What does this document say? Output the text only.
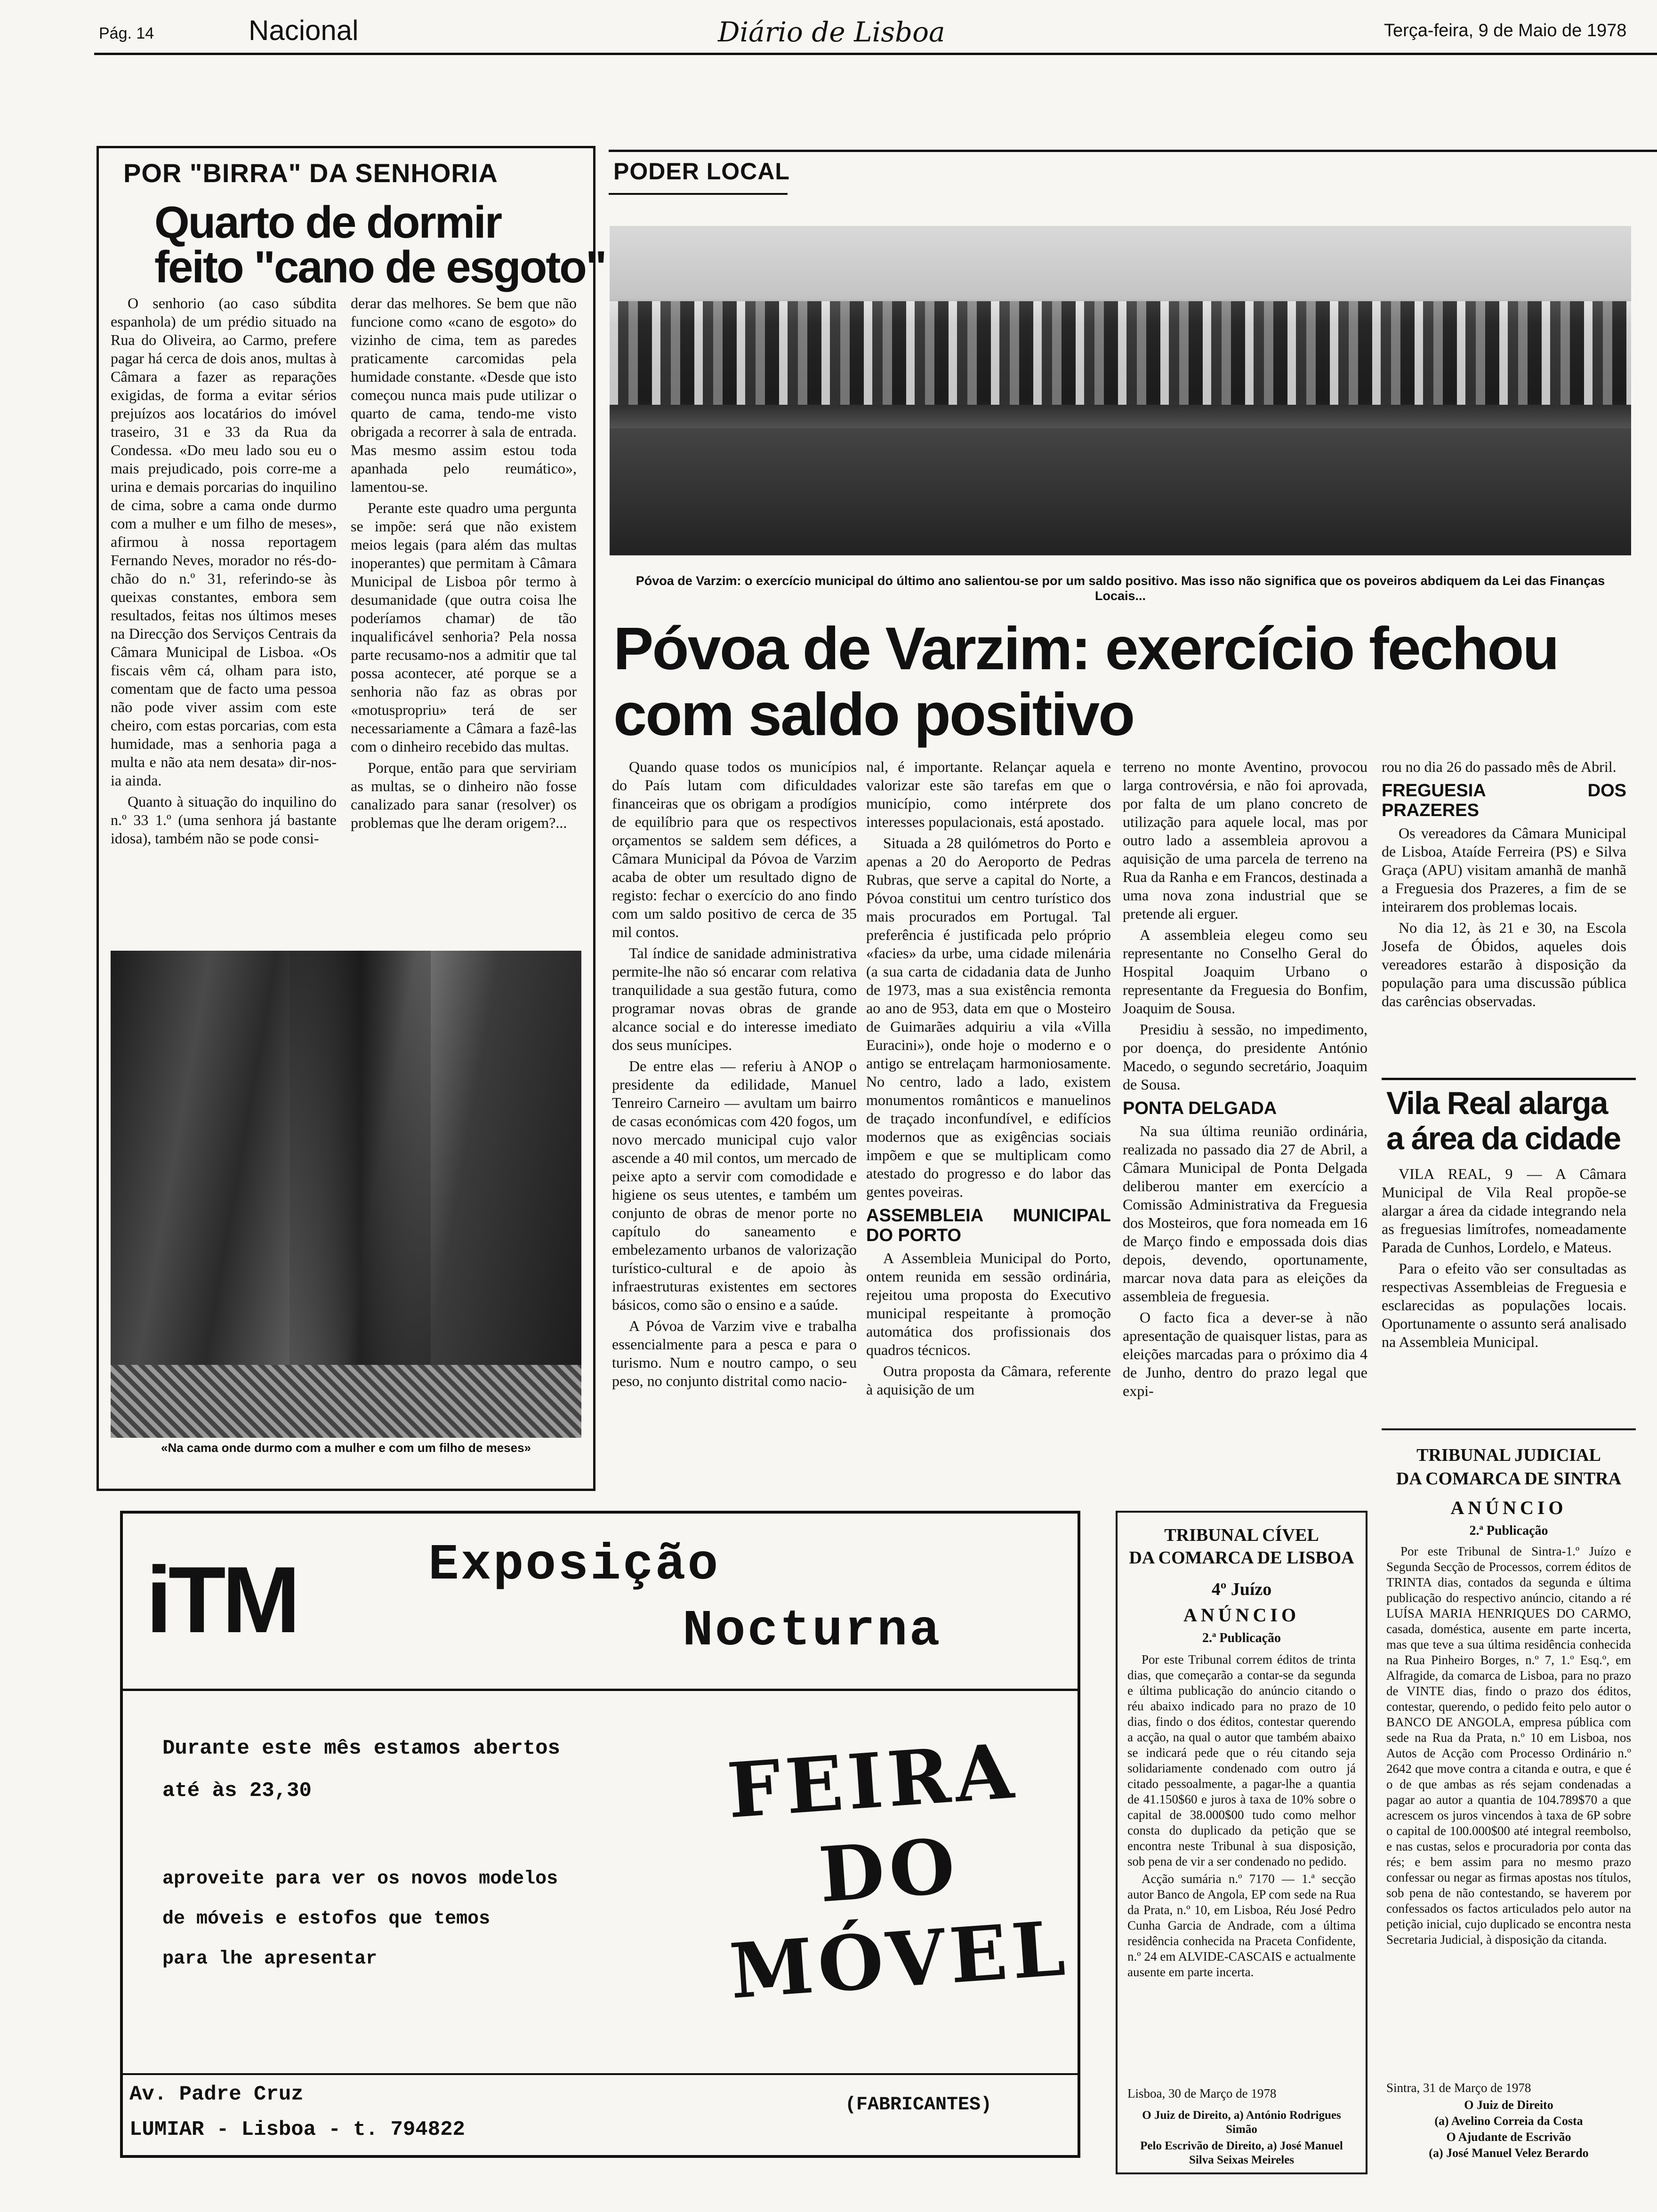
Pág. 14	Nacional	Diário de Lisboa	Terça-feira, 9 de Maio de 1978
POR "BIRRA" DA SENHORIA
Quarto de dormir
feito "cano de esgoto"

O senhorio (ao caso súbdita espanhola) de um prédio situado na Rua do Oliveira, ao Carmo, prefere pagar há cerca de dois anos, multas à Câmara a fazer as reparações exigidas, de forma a evitar sérios prejuízos aos locatários do imóvel traseiro, 31 e 33 da Rua da Condessa. «Do meu lado sou eu o mais prejudicado, pois corre-me a urina e demais porcarias do inquilino de cima, sobre a cama onde durmo com a mulher e um filho de meses», afirmou à nossa reportagem Fernando Neves, morador no rés-do-chão do n.º 31, referindo-se às queixas constantes, embora sem resultados, feitas nos últimos meses na Direcção dos Serviços Centrais da Câmara Municipal de Lisboa. «Os fiscais vêm cá, olham para isto, comentam que de facto uma pessoa não pode viver assim com este cheiro, com estas porcarias, com esta humidade, mas a senhoria paga a multa e não ata nem desata» dir-nos-ia ainda.

Quanto à situação do inquilino do n.º 33 1.º (uma senhora já bastante idosa), também não se pode consi-

derar das melhores. Se bem que não funcione como «cano de esgoto» do vizinho de cima, tem as paredes praticamente carcomidas pela humidade constante. «Desde que isto começou nunca mais pude utilizar o quarto de cama, tendo-me visto obrigada a recorrer à sala de entrada. Mas mesmo assim estou toda apanhada pelo reumático», lamentou-se.

Perante este quadro uma pergunta se impõe: será que não existem meios legais (para além das multas inoperantes) que permitam à Câmara Municipal de Lisboa pôr termo à desumanidade (que outra coisa lhe poderíamos chamar) de tão inqualificável senhoria? Pela nossa parte recusamo-nos a admitir que tal possa acontecer, até porque se a senhoria não faz as obras por «motuspropriu» terá de ser necessariamente a Câmara a fazê-las com o dinheiro recebido das multas.

Porque, então para que serviriam as multas, se o dinheiro não fosse canalizado para sanar (resolver) os problemas que lhe deram origem?...

«Na cama onde durmo com a mulher e com um filho de meses»
PODER LOCAL
Póvoa de Varzim: o exercício municipal do último ano salientou-se por um saldo positivo. Mas isso não significa que os poveiros abdiquem da Lei das Finanças Locais...
Póvoa de Varzim: exercício fechou
com saldo positivo

Quando quase todos os municípios do País lutam com dificuldades financeiras que os obrigam a prodígios de equilíbrio para que os respectivos orçamentos se saldem sem défices, a Câmara Municipal da Póvoa de Varzim acaba de obter um resultado digno de registo: fechar o exercício do ano findo com um saldo positivo de cerca de 35 mil contos.

Tal índice de sanidade administrativa permite-lhe não só encarar com relativa tranquilidade a sua gestão futura, como programar novas obras de grande alcance social e do interesse imediato dos seus munícipes.

De entre elas — referiu à ANOP o presidente da edilidade, Manuel Tenreiro Carneiro — avultam um bairro de casas económicas com 420 fogos, um novo mercado municipal cujo valor ascende a 40 mil contos, um mercado de peixe apto a servir com comodidade e higiene os seus utentes, e também um conjunto de obras de menor porte no capítulo do saneamento e embelezamento urbanos de valorização turístico-cultural e de apoio às infraestruturas existentes em sectores básicos, como são o ensino e a saúde.

A Póvoa de Varzim vive e trabalha essencialmente para a pesca e para o turismo. Num e noutro campo, o seu peso, no conjunto distrital como nacio-

nal, é importante. Relançar aquela e valorizar este são tarefas em que o município, como intérprete dos interesses populacionais, está apostado.

Situada a 28 quilómetros do Porto e apenas a 20 do Aeroporto de Pedras Rubras, que serve a capital do Norte, a Póvoa constitui um centro turístico dos mais procurados em Portugal. Tal preferência é justificada pelo próprio «facies» da urbe, uma cidade milenária (a sua carta de cidadania data de Junho de 1973, mas a sua existência remonta ao ano de 953, data em que o Mosteiro de Guimarães adquiriu a vila «Villa Euracini»), onde hoje o moderno e o antigo se entrelaçam harmoniosamente. No centro, lado a lado, existem monumentos românticos e manuelinos de traçado inconfundível, e edifícios modernos que as exigências sociais impõem e que se multiplicam como atestado do progresso e do labor das gentes poveiras.

ASSEMBLEIA MUNICIPAL DO PORTO

A Assembleia Municipal do Porto, ontem reunida em sessão ordinária, rejeitou uma proposta do Executivo municipal respeitante à promoção automática dos profissionais dos quadros técnicos.

Outra proposta da Câmara, referente à aquisição de um

terreno no monte Aventino, provocou larga controvérsia, e não foi aprovada, por falta de um plano concreto de utilização para aquele local, mas por outro lado a assembleia aprovou a aquisição de uma parcela de terreno na Rua da Ranha e em Francos, destinada a uma nova zona industrial que se pretende ali erguer.

A assembleia elegeu como seu representante no Conselho Geral do Hospital Joaquim Urbano o representante da Freguesia do Bonfim, Joaquim de Sousa.

Presidiu à sessão, no impedimento, por doença, do presidente António Macedo, o segundo secretário, Joaquim de Sousa.

PONTA DELGADA

Na sua última reunião ordinária, realizada no passado dia 27 de Abril, a Câmara Municipal de Ponta Delgada deliberou manter em exercício a Comissão Administrativa da Freguesia dos Mosteiros, que fora nomeada em 16 de Março findo e empossada dois dias depois, devendo, oportunamente, marcar nova data para as eleições da assembleia de freguesia.

O facto fica a dever-se à não apresentação de quaisquer listas, para as eleições marcadas para o próximo dia 4 de Junho, dentro do prazo legal que expi-

rou no dia 26 do passado mês de Abril.

FREGUESIA DOS PRAZERES

Os vereadores da Câmara Municipal de Lisboa, Ataíde Ferreira (PS) e Silva Graça (APU) visitam amanhã de manhã a Freguesia dos Prazeres, a fim de se inteirarem dos problemas locais.

No dia 12, às 21 e 30, na Escola Josefa de Óbidos, aqueles dois vereadores estarão à disposição da população para uma discussão pública das carências observadas.

Vila Real alarga
a área da cidade

VILA REAL, 9 — A Câmara Municipal de Vila Real propõe-se alargar a área da cidade integrando nela as freguesias limítrofes, nomeadamente Parada de Cunhos, Lordelo, e Mateus.

Para o efeito vão ser consultadas as respectivas Assembleias de Freguesia e esclarecidas as populações locais. Oportunamente o assunto será analisado na Assembleia Municipal.

iTM	Exposição
Nocturna
Durante este mês estamos abertos
até às 23,30
aproveite para ver os novos modelos
de móveis e estofos que temos
para lhe apresentar
FEIRA
DO
MÓVEL
Av. Padre Cruz
LUMIAR - Lisboa - t. 794822
(FABRICANTES)
TRIBUNAL CÍVEL
DA COMARCA DE LISBOA
4º Juízo
ANÚNCIO
2.ª Publicação

Por este Tribunal correm éditos de trinta dias, que começarão a contar-se da segunda e última publicação do anúncio citando o réu abaixo indicado para no prazo de 10 dias, findo o dos éditos, contestar querendo a acção, na qual o autor que também abaixo se indicará pede que o réu citando seja solidariamente condenado com outro já citado pessoalmente, a pagar-lhe a quantia de 41.150$60 e juros à taxa de 10% sobre o capital de 38.000$00 tudo como melhor consta do duplicado da petição que se encontra neste Tribunal à sua disposição, sob pena de vir a ser condenado no pedido.

Acção sumária n.º 7170 — 1.ª secção autor Banco de Angola, EP com sede na Rua da Prata, n.º 10, em Lisboa, Réu José Pedro Cunha Garcia de Andrade, com a última residência conhecida na Praceta Confidente, n.º 24 em ALVIDE-CASCAIS e actualmente ausente em parte incerta.

Lisboa, 30 de Março de 1978
O Juiz de Direito, a) António Rodrigues Simão
Pelo Escrivão de Direito, a) José Manuel Silva Seixas Meireles
TRIBUNAL JUDICIAL
DA COMARCA DE SINTRA
ANÚNCIO
2.ª Publicação

Por este Tribunal de Sintra-1.º Juízo e Segunda Secção de Processos, correm éditos de TRINTA dias, contados da segunda e última publicação do respectivo anúncio, citando a ré LUÍSA MARIA HENRIQUES DO CARMO, casada, doméstica, ausente em parte incerta, mas que teve a sua última residência conhecida na Rua Pinheiro Borges, n.º 7, 1.º Esq.º, em Alfragide, da comarca de Lisboa, para no prazo de VINTE dias, findo o prazo dos éditos, contestar, querendo, o pedido feito pelo autor o BANCO DE ANGOLA, empresa pública com sede na Rua da Prata, n.º 10 em Lisboa, nos Autos de Acção com Processo Ordinário n.º 2642 que move contra a citanda e outra, e que é o de que ambas as rés sejam condenadas a pagar ao autor a quantia de 104.789$70 a que acrescem os juros vincendos à taxa de 6P sobre o capital de 100.000$00 até integral reembolso, e nas custas, selos e procuradoria por conta das rés; e bem assim para no mesmo prazo confessar ou negar as firmas apostas nos títulos, sob pena de não contestando, se haverem por confessados os factos articulados pelo autor na petição inicial, cujo duplicado se encontra nesta Secretaria Judicial, à disposição da citanda.

Sintra, 31 de Março de 1978
O Juiz de Direito
(a) Avelino Correia da Costa
O Ajudante de Escrivão
(a) José Manuel Velez Berardo
